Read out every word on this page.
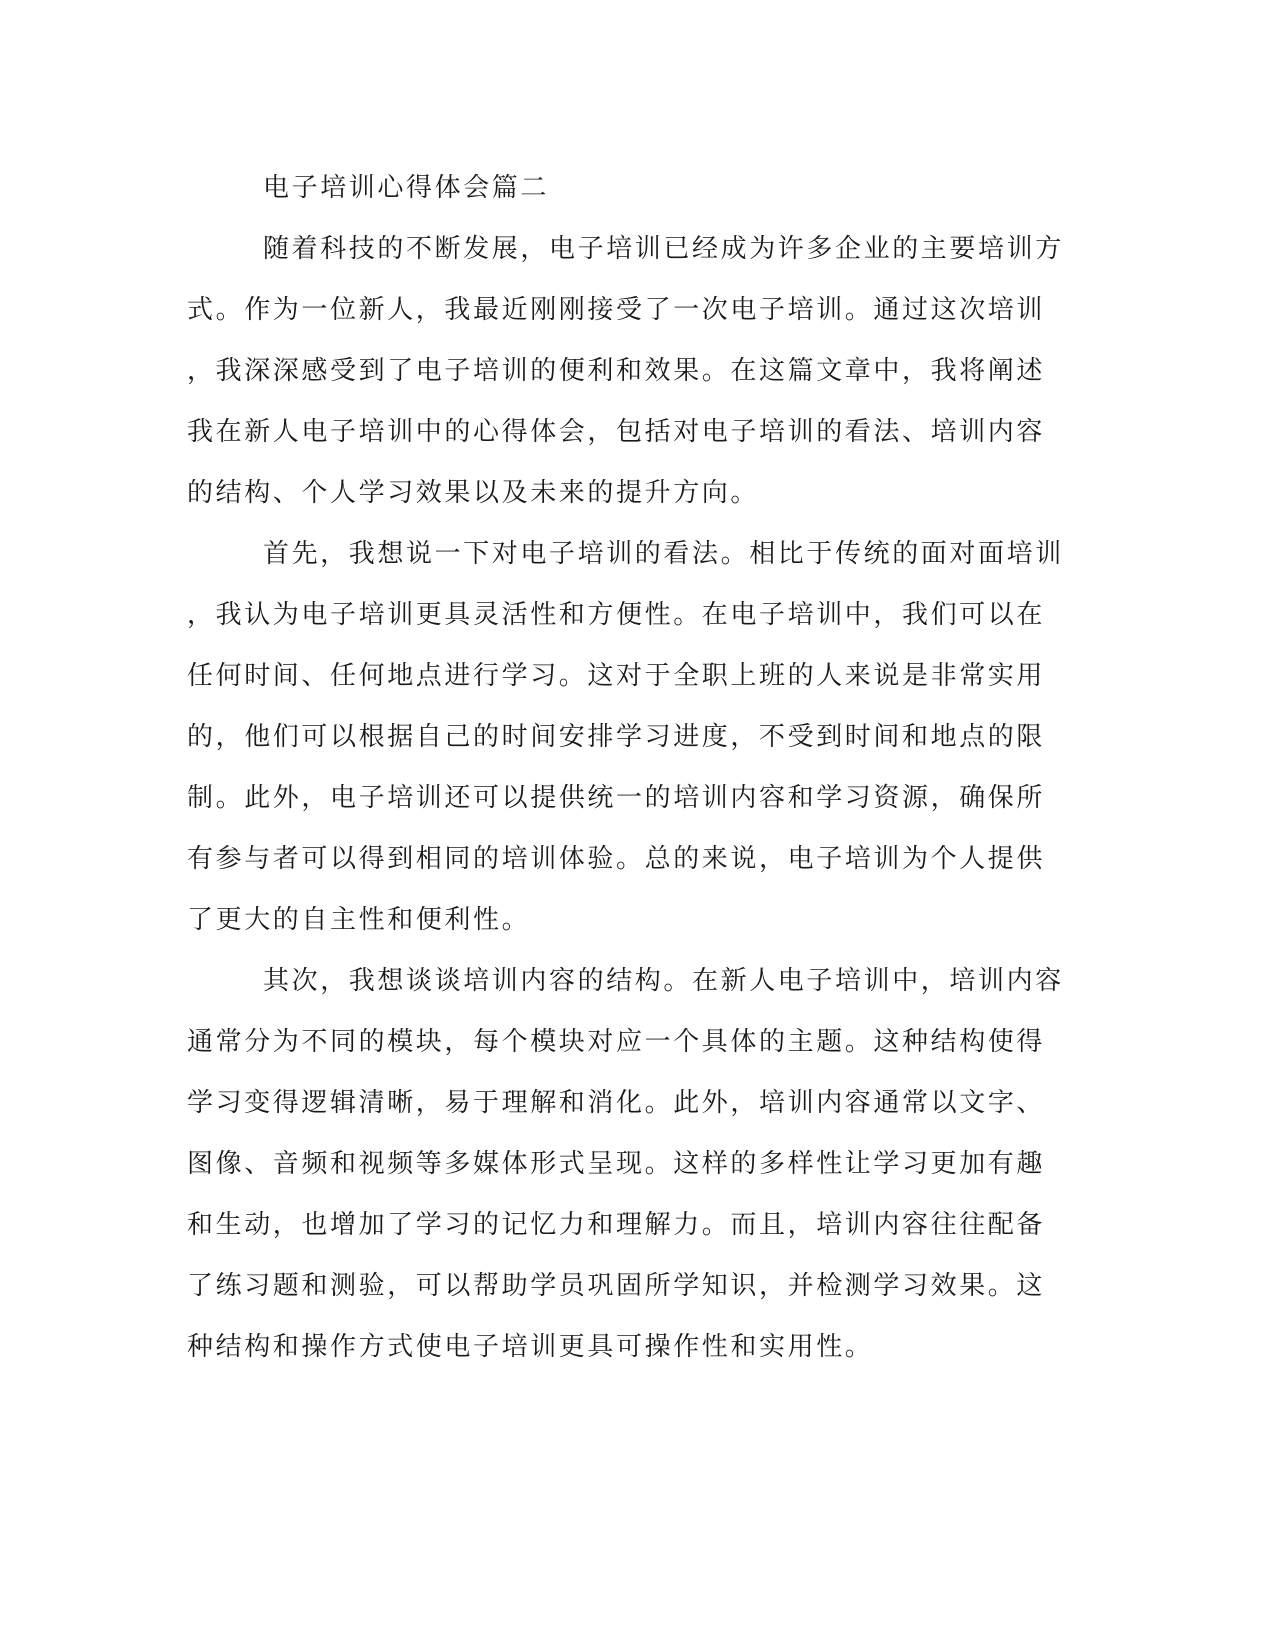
电子培训心得体会篇二
随着科技的不断发展，电子培训已经成为许多企业的主要培训方
式。作为一位新人，我最近刚刚接受了一次电子培训。通过这次培训
，我深深感受到了电子培训的便利和效果。在这篇文章中，我将阐述
我在新人电子培训中的心得体会，包括对电子培训的看法、培训内容
的结构、个人学习效果以及未来的提升方向。
首先，我想说一下对电子培训的看法。相比于传统的面对面培训
，我认为电子培训更具灵活性和方便性。在电子培训中，我们可以在
任何时间、任何地点进行学习。这对于全职上班的人来说是非常实用
的，他们可以根据自己的时间安排学习进度，不受到时间和地点的限
制。此外，电子培训还可以提供统一的培训内容和学习资源，确保所
有参与者可以得到相同的培训体验。总的来说，电子培训为个人提供
了更大的自主性和便利性。
其次，我想谈谈培训内容的结构。在新人电子培训中，培训内容
通常分为不同的模块，每个模块对应一个具体的主题。这种结构使得
学习变得逻辑清晰，易于理解和消化。此外，培训内容通常以文字、
图像、音频和视频等多媒体形式呈现。这样的多样性让学习更加有趣
和生动，也增加了学习的记忆力和理解力。而且，培训内容往往配备
了练习题和测验，可以帮助学员巩固所学知识，并检测学习效果。这
种结构和操作方式使电子培训更具可操作性和实用性。
